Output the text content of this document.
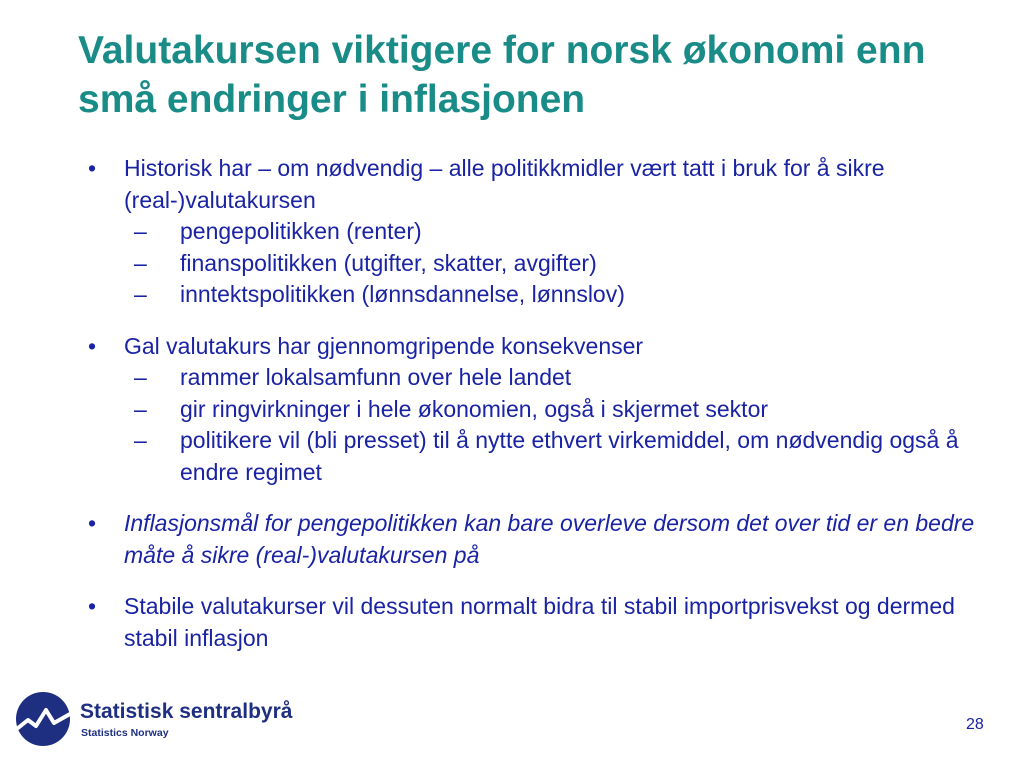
Valutakursen viktigere for norsk økonomi enn små endringer i inflasjonen
•	Historisk har – om nødvendig – alle politikkmidler vært tatt i bruk for å sikre (real-)valutakursen
–	pengepolitikken (renter)
–	finanspolitikken (utgifter, skatter, avgifter)
–	inntektspolitikken (lønnsdannelse, lønnslov)
•	Gal valutakurs har gjennomgripende konsekvenser
–	rammer lokalsamfunn over hele landet
–	gir ringvirkninger i hele økonomien, også i skjermet sektor
–	politikere vil (bli presset) til å nytte ethvert virkemiddel, om nødvendig også å endre regimet
•	Inflasjonsmål for pengepolitikken kan bare overleve dersom det over tid er en bedre måte å sikre (real-)valutakursen på
•	Stabile valutakurser vil dessuten normalt bidra til stabil importprisvekst og dermed stabil inflasjon
Statistisk sentralbyrå
Statistics Norway	28
